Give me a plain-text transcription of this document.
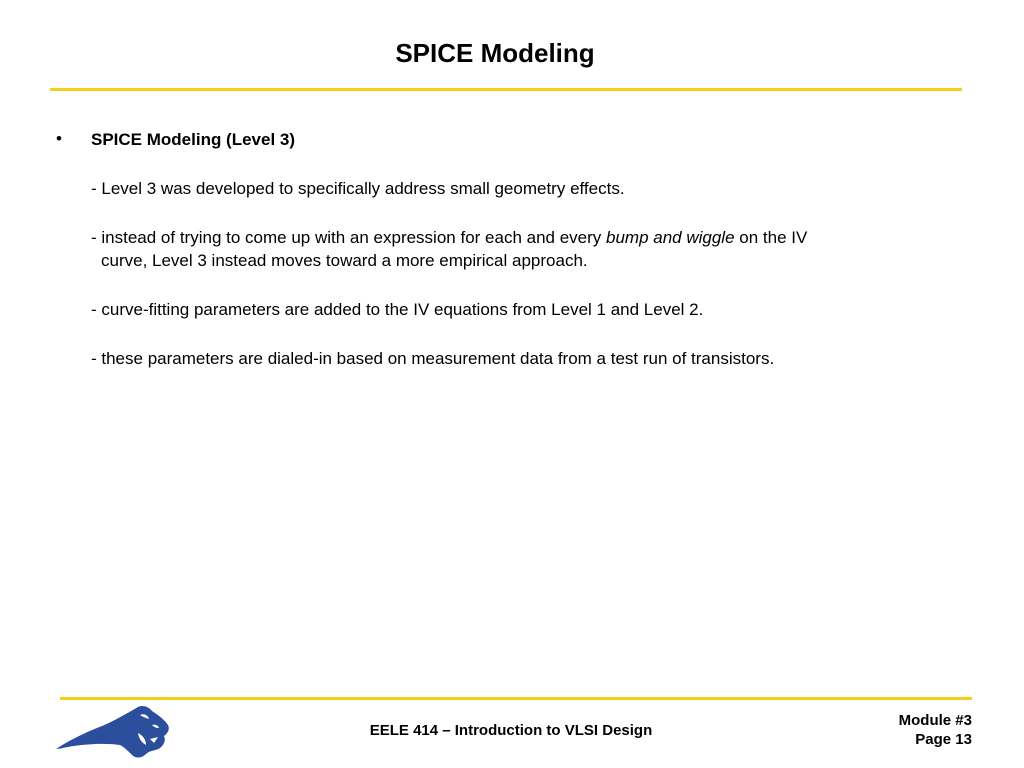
SPICE Modeling
• SPICE Modeling (Level 3)
- Level 3 was developed to specifically address small geometry effects.
- instead of trying to come up with an expression for each and every bump and wiggle on the IV
curve, Level 3 instead moves toward a more empirical approach.
- curve-fitting parameters are added to the IV equations from Level 1 and Level 2.
- these parameters are dialed-in based on measurement data from a test run of transistors.
EELE 414 – Introduction to VLSI Design
Module #3
Page 13
